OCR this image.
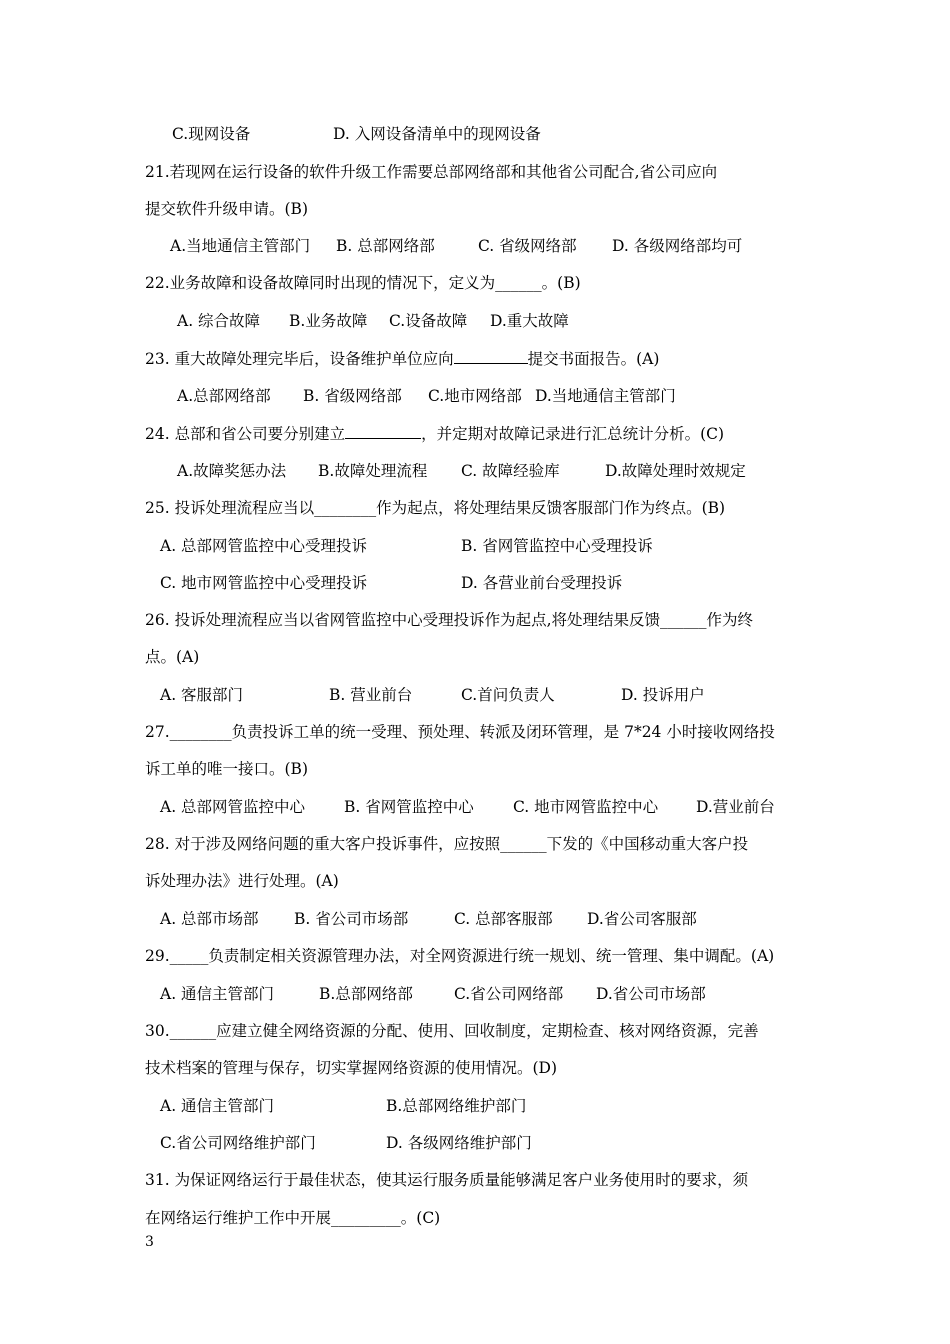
C.现网设备	D. 入网设备清单中的现网设备
21.若现网在运行设备的软件升级工作需要总部网络部和其他省公司配合,省公司应向
提交软件升级申请。(B)
A.当地通信主管部门 B. 总部网络部	C. 省级网络部 D. 各级网络部均可
22.业务故障和设备故障同时出现的情况下，定义为______。(B)
A. 综合故障 B.业务故障 C.设备故障 D.重大故障
23. 重大故障处理完毕后，设备维护单位应向	提交书面报告。(A)
A.总部网络部 B. 省级网络部 C.地市网络部 D.当地通信主管部门
24. 总部和省公司要分别建立	，并定期对故障记录进行汇总统计分析。(C)
A.故障奖惩办法 B.故障处理流程 C. 故障经验库	D.故障处理时效规定
25. 投诉处理流程应当以________作为起点，将处理结果反馈客服部门作为终点。(B)
A. 总部网管监控中心受理投诉	B. 省网管监控中心受理投诉
C. 地市网管监控中心受理投诉	D. 各营业前台受理投诉
26. 投诉处理流程应当以省网管监控中心受理投诉作为起点,将处理结果反馈______作为终
点。(A)
A. 客服部门	B. 营业前台	C.首问负责人	D. 投诉用户
27.________负责投诉工单的统一受理、预处理、转派及闭环管理，是 7*24 小时接收网络投
诉工单的唯一接口。(B)
A. 总部网管监控中心	B. 省网管监控中心	C. 地市网管监控中心 D.营业前台
28. 对于涉及网络问题的重大客户投诉事件，应按照______下发的《中国移动重大客户投
诉处理办法》进行处理。(A)
A. 总部市场部 B. 省公司市场部	C. 总部客服部 D.省公司客服部
29._____负责制定相关资源管理办法，对全网资源进行统一规划、统一管理、集中调配。(A)
A. 通信主管部门	B.总部网络部	C.省公司网络部 D.省公司市场部
30.______应建立健全网络资源的分配、使用、回收制度，定期检查、核对网络资源，完善
技术档案的管理与保存，切实掌握网络资源的使用情况。(D)
A. 通信主管部门	B.总部网络维护部门
C.省公司网络维护部门	D. 各级网络维护部门
31. 为保证网络运行于最佳状态，使其运行服务质量能够满足客户业务使用时的要求，须
在网络运行维护工作中开展_________。(C)
3
